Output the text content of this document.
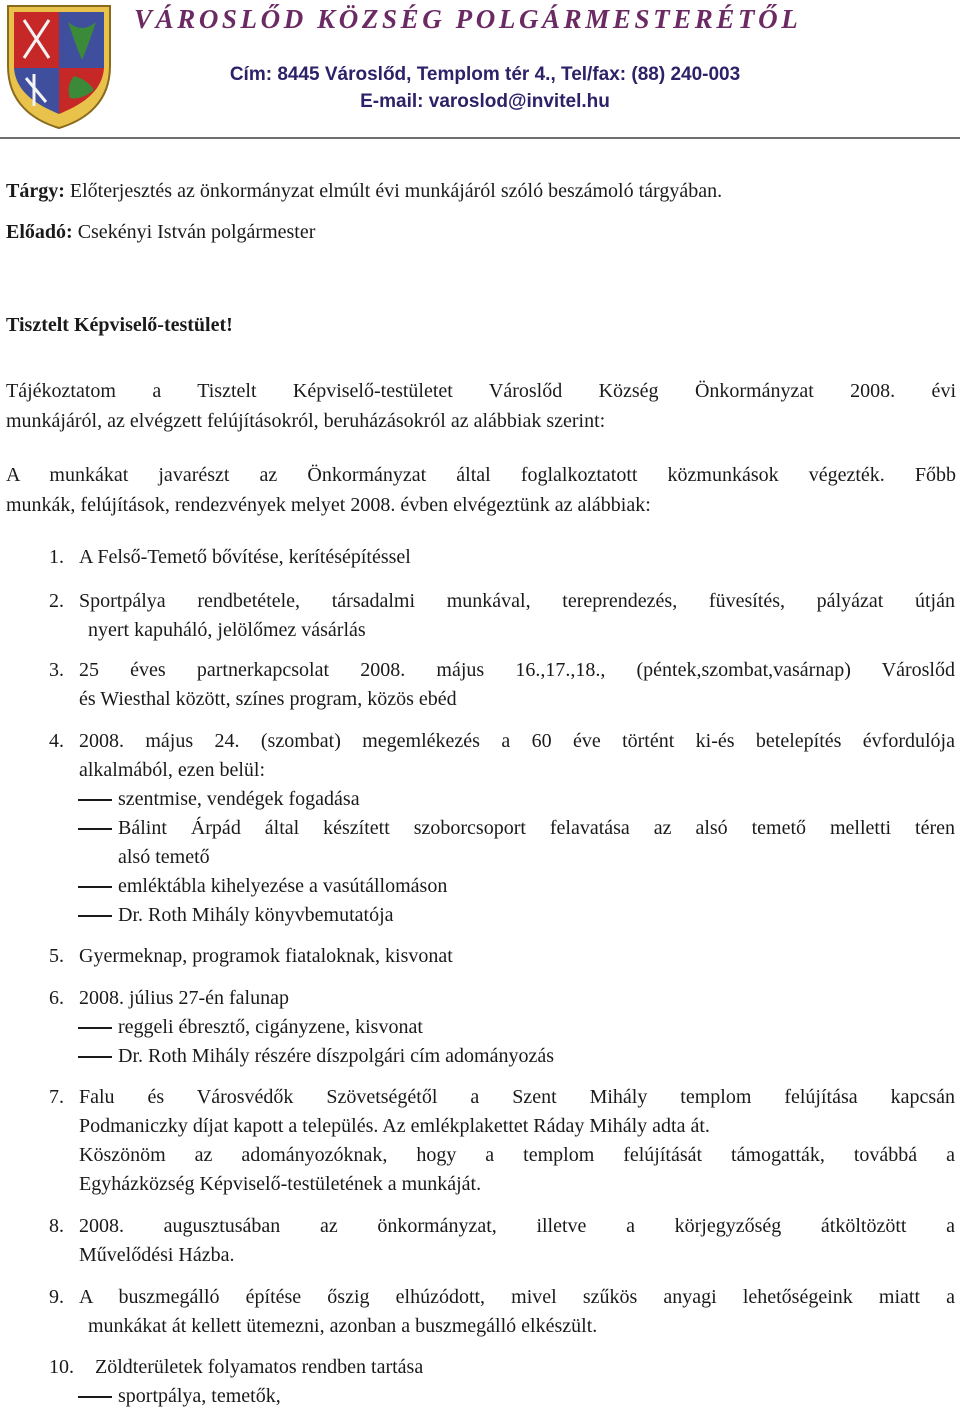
VÁROSLŐD KÖZSÉG POLGÁRMESTERÉTŐL
Cím: 8445 Városlőd, Templom tér 4., Tel/fax: (88) 240-003
E-mail: varoslod@invitel.hu
Tárgy: Előterjesztés az önkormányzat elmúlt évi munkájáról szóló beszámoló tárgyában.
Előadó: Csekényi István polgármester
Tisztelt Képviselő-testület!
Tájékoztatom a Tisztelt Képviselő-testületet Városlőd Község Önkormányzat 2008. évi
munkájáról, az elvégzett felújításokról, beruházásokról az alábbiak szerint:
A munkákat javarészt az Önkormányzat által foglalkoztatott közmunkások végezték. Főbb
munkák, felújítások, rendezvények melyet 2008. évben elvégeztünk az alábbiak:
1. A Felső-Temető bővítése, kerítésépítéssel
2. Sportpálya rendbetétele, társadalmi munkával, tereprendezés, füvesítés, pályázat útján
nyert kapuháló, jelölőmez vásárlás
3. 25 éves partnerkapcsolat 2008. május 16.,17.,18., (péntek,szombat,vasárnap) Városlőd
és Wiesthal között, színes program, közös ebéd
4. 2008. május 24. (szombat) megemlékezés a 60 éve történt ki-és betelepítés évfordulója
alkalmából, ezen belül:
szentmise, vendégek fogadása
Bálint Árpád által készített szoborcsoport felavatása az alsó temető melletti téren
alsó temető
emléktábla kihelyezése a vasútállomáson
Dr. Roth Mihály könyvbemutatója
5. Gyermeknap, programok fiataloknak, kisvonat
6. 2008. július 27-én falunap
reggeli ébresztő, cigányzene, kisvonat
Dr. Roth Mihály részére díszpolgári cím adományozás
7. Falu és Városvédők Szövetségétől a Szent Mihály templom felújítása kapcsán
Podmaniczky díjat kapott a település. Az emlékplakettet Ráday Mihály adta át.
Köszönöm az adományozóknak, hogy a templom felújítását támogatták, továbbá a
Egyházközség Képviselő-testületének a munkáját.
8. 2008. augusztusában az önkormányzat, illetve a körjegyzőség átköltözött a
Művelődési Házba.
9. A buszmegálló építése őszig elhúzódott, mivel szűkös anyagi lehetőségeink miatt a
munkákat át kellett ütemezni, azonban a buszmegálló elkészült.
10. Zöldterületek folyamatos rendben tartása
sportpálya, temetők,
